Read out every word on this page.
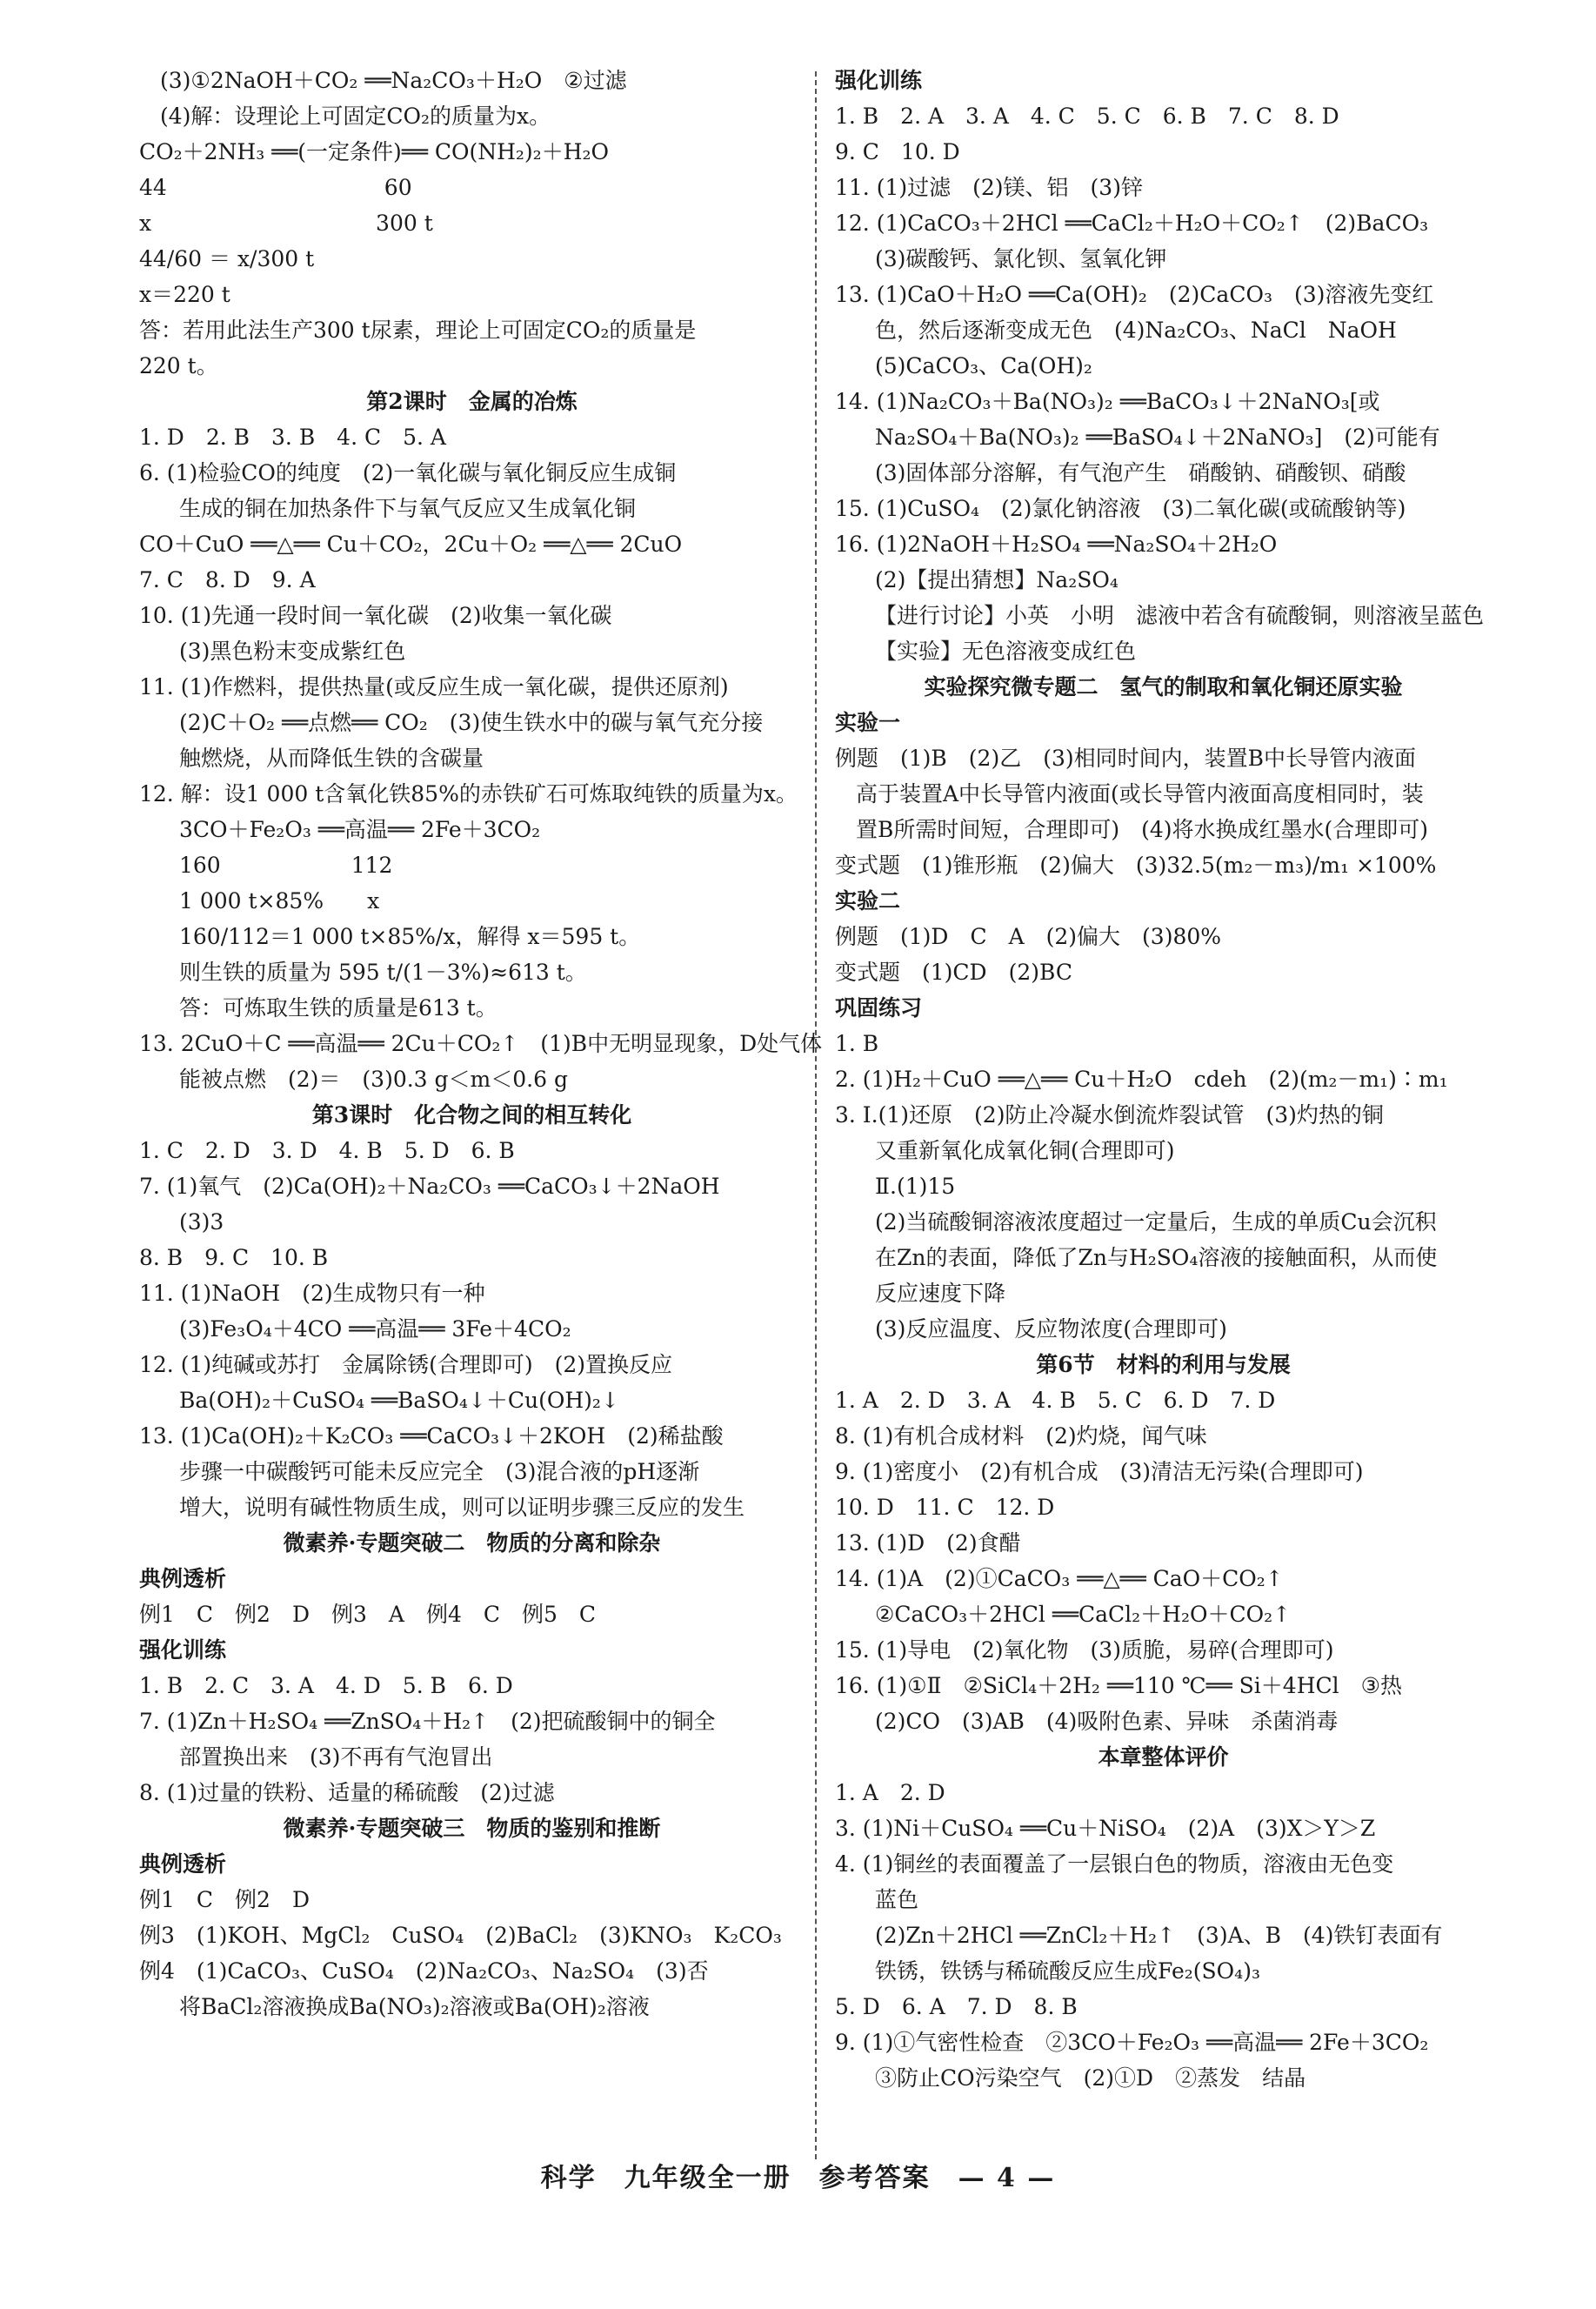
(3)①2NaOH＋CO₂ ══Na₂CO₃＋H₂O　②过滤
(4)解：设理论上可固定CO₂的质量为x。
CO₂＋2NH₃ ══(一定条件)══ CO(NH₂)₂＋H₂O
44　　　　　　　　　　60
x　　　　　　　　　　 300 t
44/60 ＝ x/300 t
x＝220 t
答：若用此法生产300 t尿素，理论上可固定CO₂的质量是
220 t。
第2课时　金属的冶炼
1. D　2. B　3. B　4. C　5. A
6. (1)检验CO的纯度　(2)一氧化碳与氧化铜反应生成铜
生成的铜在加热条件下与氧气反应又生成氧化铜
CO＋CuO ══△══ Cu＋CO₂，2Cu＋O₂ ══△══ 2CuO
7. C　8. D　9. A
10. (1)先通一段时间一氧化碳　(2)收集一氧化碳
(3)黑色粉末变成紫红色
11. (1)作燃料，提供热量(或反应生成一氧化碳，提供还原剂)
(2)C＋O₂ ══点燃══ CO₂　(3)使生铁水中的碳与氧气充分接
触燃烧，从而降低生铁的含碳量
12. 解：设1 000 t含氧化铁85%的赤铁矿石可炼取纯铁的质量为x。
3CO＋Fe₂O₃ ══高温══ 2Fe＋3CO₂
160　　　　　　112
1 000 t×85%　　x
160/112＝1 000 t×85%/x，解得 x＝595 t。
则生铁的质量为 595 t/(1－3%)≈613 t。
答：可炼取生铁的质量是613 t。
13. 2CuO＋C ══高温══ 2Cu＋CO₂↑　(1)B中无明显现象，D处气体
能被点燃　(2)＝　(3)0.3 g＜m＜0.6 g
第3课时　化合物之间的相互转化
1. C　2. D　3. D　4. B　5. D　6. B
7. (1)氧气　(2)Ca(OH)₂＋Na₂CO₃ ══CaCO₃↓＋2NaOH
(3)3
8. B　9. C　10. B
11. (1)NaOH　(2)生成物只有一种
(3)Fe₃O₄＋4CO ══高温══ 3Fe＋4CO₂
12. (1)纯碱或苏打　金属除锈(合理即可)　(2)置换反应
Ba(OH)₂＋CuSO₄ ══BaSO₄↓＋Cu(OH)₂↓
13. (1)Ca(OH)₂＋K₂CO₃ ══CaCO₃↓＋2KOH　(2)稀盐酸
步骤一中碳酸钙可能未反应完全　(3)混合液的pH逐渐
增大，说明有碱性物质生成，则可以证明步骤三反应的发生
微素养·专题突破二　物质的分离和除杂
典例透析
例1　C　例2　D　例3　A　例4　C　例5　C
强化训练
1. B　2. C　3. A　4. D　5. B　6. D
7. (1)Zn＋H₂SO₄ ══ZnSO₄＋H₂↑　(2)把硫酸铜中的铜全
部置换出来　(3)不再有气泡冒出
8. (1)过量的铁粉、适量的稀硫酸　(2)过滤
微素养·专题突破三　物质的鉴别和推断
典例透析
例1　C　例2　D
例3　(1)KOH、MgCl₂　CuSO₄　(2)BaCl₂　(3)KNO₃　K₂CO₃
例4　(1)CaCO₃、CuSO₄　(2)Na₂CO₃、Na₂SO₄　(3)否
将BaCl₂溶液换成Ba(NO₃)₂溶液或Ba(OH)₂溶液
强化训练
1. B　2. A　3. A　4. C　5. C　6. B　7. C　8. D
9. C　10. D
11. (1)过滤　(2)镁、铝　(3)锌
12. (1)CaCO₃＋2HCl ══CaCl₂＋H₂O＋CO₂↑　(2)BaCO₃
(3)碳酸钙、氯化钡、氢氧化钾
13. (1)CaO＋H₂O ══Ca(OH)₂　(2)CaCO₃　(3)溶液先变红
色，然后逐渐变成无色　(4)Na₂CO₃、NaCl　NaOH
(5)CaCO₃、Ca(OH)₂
14. (1)Na₂CO₃＋Ba(NO₃)₂ ══BaCO₃↓＋2NaNO₃[或
Na₂SO₄＋Ba(NO₃)₂ ══BaSO₄↓＋2NaNO₃]　(2)可能有
(3)固体部分溶解，有气泡产生　硝酸钠、硝酸钡、硝酸
15. (1)CuSO₄　(2)氯化钠溶液　(3)二氧化碳(或硫酸钠等)
16. (1)2NaOH＋H₂SO₄ ══Na₂SO₄＋2H₂O
(2)【提出猜想】Na₂SO₄
【进行讨论】小英　小明　滤液中若含有硫酸铜，则溶液呈蓝色
【实验】无色溶液变成红色
实验探究微专题二　氢气的制取和氧化铜还原实验
实验一
例题　(1)B　(2)乙　(3)相同时间内，装置B中长导管内液面
高于装置A中长导管内液面(或长导管内液面高度相同时，装
置B所需时间短，合理即可)　(4)将水换成红墨水(合理即可)
变式题　(1)锥形瓶　(2)偏大　(3)32.5(m₂－m₃)/m₁ ×100%
实验二
例题　(1)D　C　A　(2)偏大　(3)80%
变式题　(1)CD　(2)BC
巩固练习
1. B
2. (1)H₂＋CuO ══△══ Cu＋H₂O　cdeh　(2)(m₂－m₁)∶m₁
3. Ⅰ.(1)还原　(2)防止冷凝水倒流炸裂试管　(3)灼热的铜
又重新氧化成氧化铜(合理即可)
Ⅱ.(1)15
(2)当硫酸铜溶液浓度超过一定量后，生成的单质Cu会沉积
在Zn的表面，降低了Zn与H₂SO₄溶液的接触面积，从而使
反应速度下降
(3)反应温度、反应物浓度(合理即可)
第6节　材料的利用与发展
1. A　2. D　3. A　4. B　5. C　6. D　7. D
8. (1)有机合成材料　(2)灼烧，闻气味
9. (1)密度小　(2)有机合成　(3)清洁无污染(合理即可)
10. D　11. C　12. D
13. (1)D　(2)食醋
14. (1)A　(2)①CaCO₃ ══△══ CaO＋CO₂↑
②CaCO₃＋2HCl ══CaCl₂＋H₂O＋CO₂↑
15. (1)导电　(2)氧化物　(3)质脆，易碎(合理即可)
16. (1)①Ⅱ　②SiCl₄＋2H₂ ══110 ℃══ Si＋4HCl　③热
(2)CO　(3)AB　(4)吸附色素、异味　杀菌消毒
本章整体评价
1. A　2. D
3. (1)Ni＋CuSO₄ ══Cu＋NiSO₄　(2)A　(3)X＞Y＞Z
4. (1)铜丝的表面覆盖了一层银白色的物质，溶液由无色变
蓝色
(2)Zn＋2HCl ══ZnCl₂＋H₂↑　(3)A、B　(4)铁钉表面有
铁锈，铁锈与稀硫酸反应生成Fe₂(SO₄)₃
5. D　6. A　7. D　8. B
9. (1)①气密性检查　②3CO＋Fe₂O₃ ══高温══ 2Fe＋3CO₂
③防止CO污染空气　(2)①D　②蒸发　结晶
科学　九年级全一册　参考答案　— 4 —
